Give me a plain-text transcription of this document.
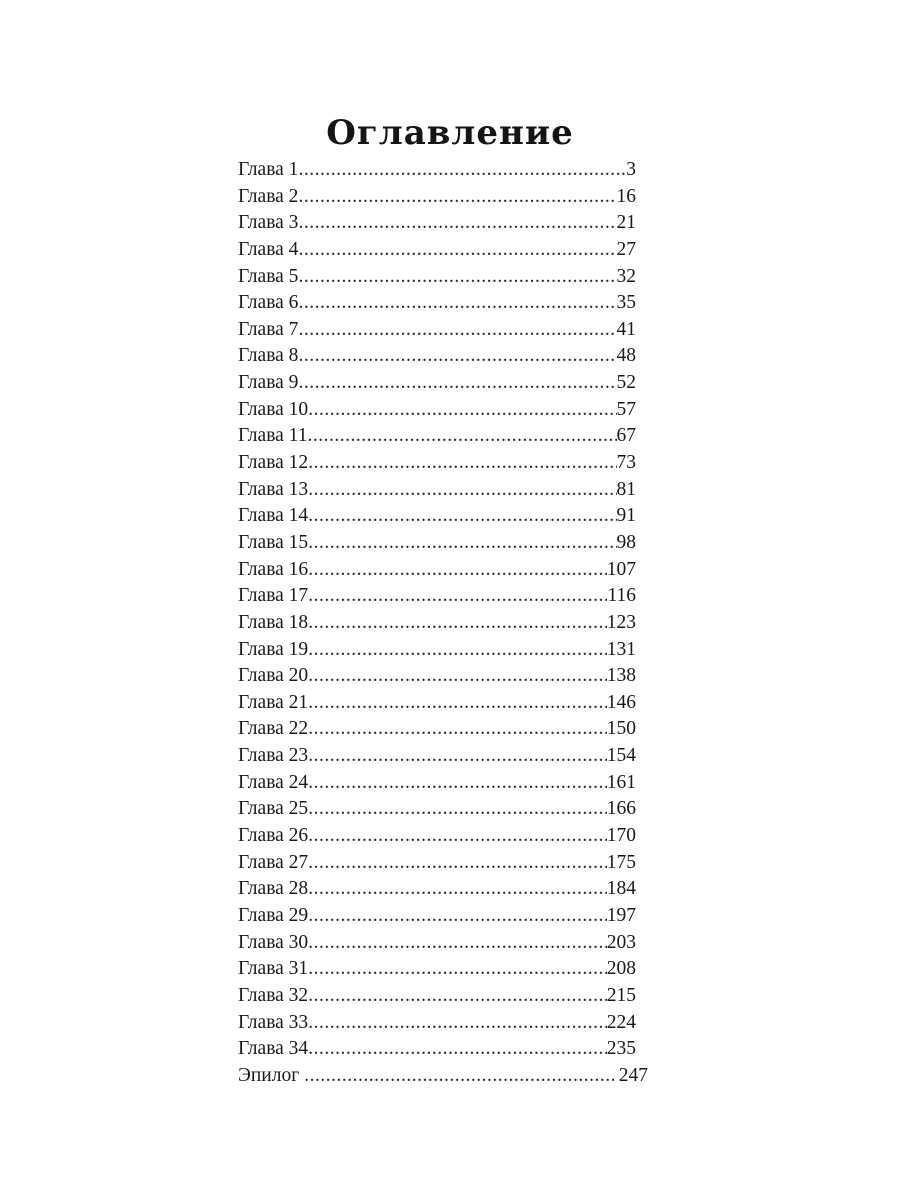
Оглавление
Глава 1 .....	3
Глава 2 .....	16
Глава 3 .....	21
Глава 4 .....	27
Глава 5 .....	32
Глава 6 .....	35
Глава 7 .....	41
Глава 8 .....	48
Глава 9 .....	52
Глава 10 .....	57
Глава 11 .....	67
Глава 12 .....	73
Глава 13 .....	81
Глава 14 .....	91
Глава 15 .....	98
Глава 16 .....	107
Глава 17 .....	116
Глава 18 .....	123
Глава 19 .....	131
Глава 20 .....	138
Глава 21 .....	146
Глава 22 .....	150
Глава 23 .....	154
Глава 24 .....	161
Глава 25 .....	166
Глава 26 .....	170
Глава 27 .....	175
Глава 28 .....	184
Глава 29 .....	197
Глава 30 .....	203
Глава 31 .....	208
Глава 32 .....	215
Глава 33 .....	224
Глава 34 .....	235
Эпилог .....	247
